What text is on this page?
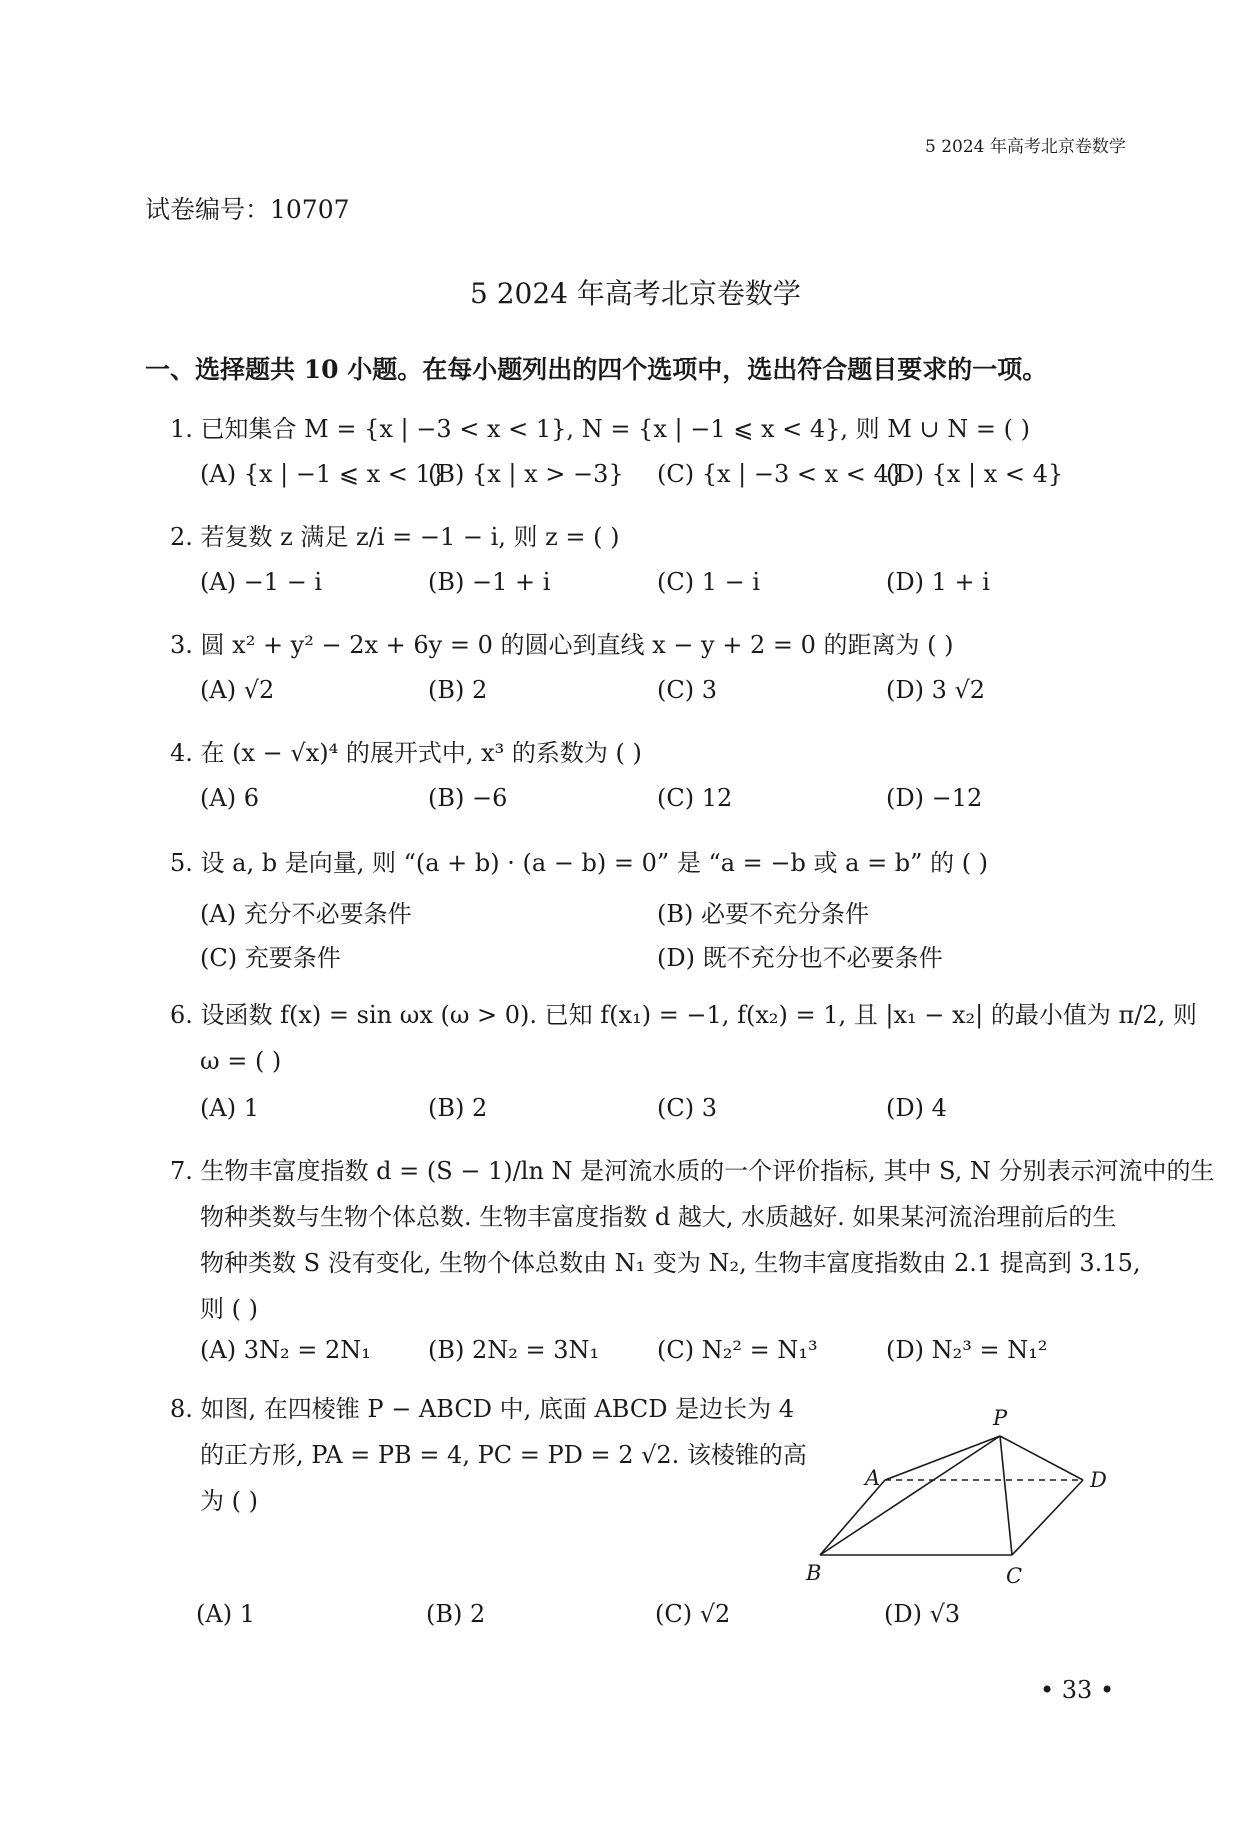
5 2024 年高考北京卷数学
试卷编号：10707
5 2024 年高考北京卷数学
一、选择题共 10 小题。在每小题列出的四个选项中，选出符合题目要求的一项。
1. 已知集合 M = {x | −3 < x < 1}, N = {x | −1 ⩽ x < 4}, 则 M ∪ N = ( )
(A) {x | −1 ⩽ x < 1}
(B) {x | x > −3} (C) {x | −3 < x < 4}
(D) {x | x < 4}
2. 若复数 z 满足 z/i = −1 − i, 则 z = ( )
(A) −1 − i	(B) −1 + i	(C) 1 − i	(D) 1 + i
3. 圆 x² + y² − 2x + 6y = 0 的圆心到直线 x − y + 2 = 0 的距离为 ( )
(A) √2	(B) 2	(C) 3	(D) 3 √2
4. 在 (x − √x)⁴ 的展开式中, x³ 的系数为 ( )
(A) 6	(B) −6	(C) 12	(D) −12
5. 设 a, b 是向量, 则 “(a + b) · (a − b) = 0” 是 “a = −b 或 a = b” 的 ( )
(A) 充分不必要条件	(B) 必要不充分条件
(C) 充要条件	(D) 既不充分也不必要条件
6. 设函数 f(x) = sin ωx (ω > 0). 已知 f(x₁) = −1, f(x₂) = 1, 且 |x₁ − x₂| 的最小值为 π/2, 则
ω = ( )
(A) 1	(B) 2	(C) 3	(D) 4
7. 生物丰富度指数 d = (S − 1)/ln N 是河流水质的一个评价指标, 其中 S, N 分别表示河流中的生
物种类数与生物个体总数. 生物丰富度指数 d 越大, 水质越好. 如果某河流治理前后的生
物种类数 S 没有变化, 生物个体总数由 N₁ 变为 N₂, 生物丰富度指数由 2.1 提高到 3.15,
则 ( )
(A) 3N₂ = 2N₁ (B) 2N₂ = 3N₁ (C) N₂² = N₁³	(D) N₂³ = N₁²
8. 如图, 在四棱锥 P − ABCD 中, 底面 ABCD 是边长为 4
的正方形, PA = PB = 4, PC = PD = 2 √2. 该棱锥的高
为 ( )
P
A
B	C
D
(A) 1	(B) 2	(C) √2	(D) √3
• 33 •
